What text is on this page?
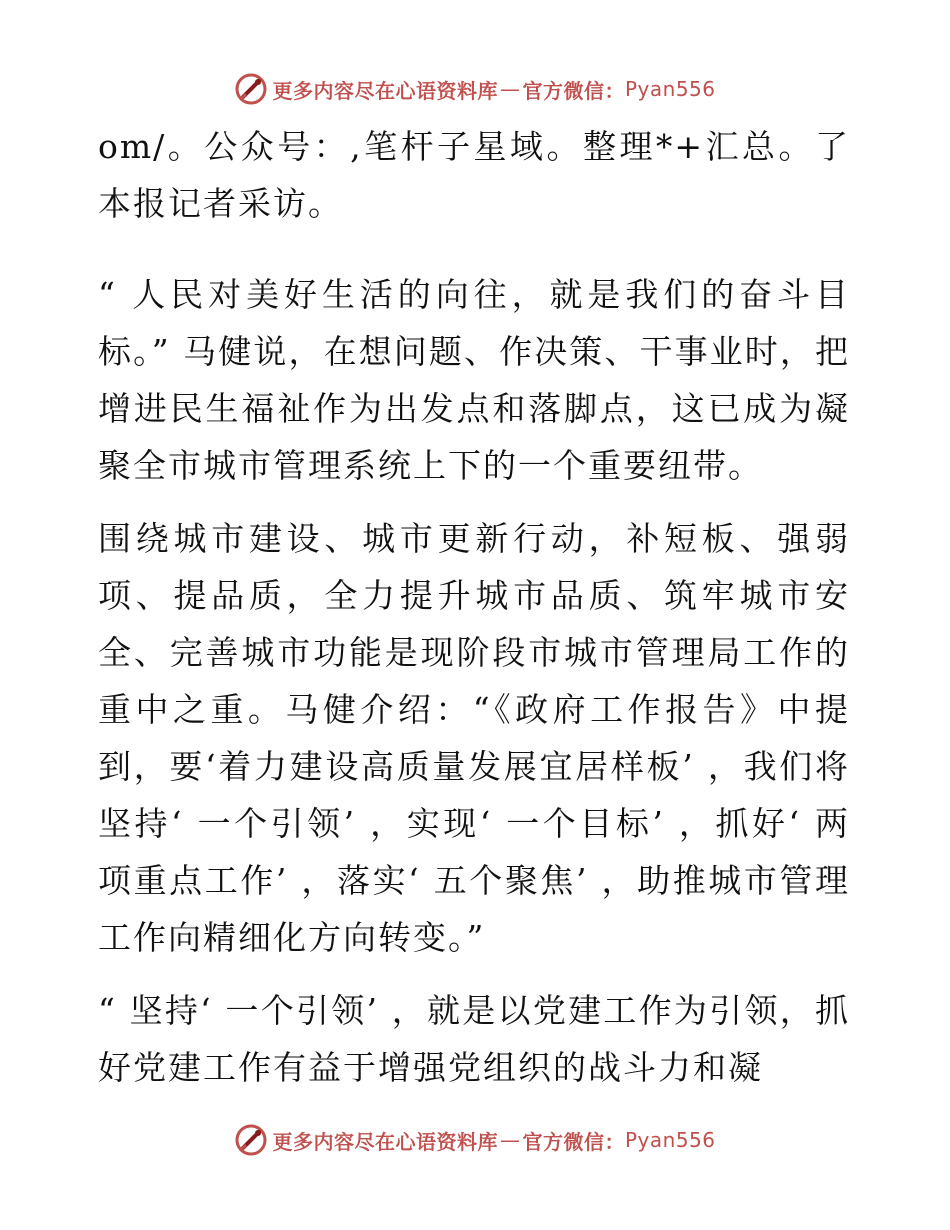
更多内容尽在心语资料库 — 官方微信： Pyan556

om/。公众号：,笔杆子星域。整理*+汇总。了本报记者采访。

“ 人民对美好生活的向往，就是我们的奋斗目标。” 马健说，在想问题、作决策、干事业时，把增进民生福祉作为出发点和落脚点，这已成为凝聚全市城市管理系统上下的一个重要纽带。

围绕城市建设、城市更新行动，补短板、强弱项、提品质，全力提升城市品质、筑牢城市安全、完善城市功能是现阶段市城市管理局工作的重中之重。马健介绍：“《政府工作报告》中提到，要‘着力建设高质量发展宜居样板’ ，我们将坚持‘ 一个引领’ ，实现‘ 一个目标’ ，抓好‘ 两项重点工作’ ，落实‘ 五个聚焦’ ，助推城市管理工作向精细化方向转变。”

“ 坚持‘ 一个引领’ ，就是以党建工作为引领，抓好党建工作有益于增强党组织的战斗力和凝

更多内容尽在心语资料库 — 官方微信： Pyan556
